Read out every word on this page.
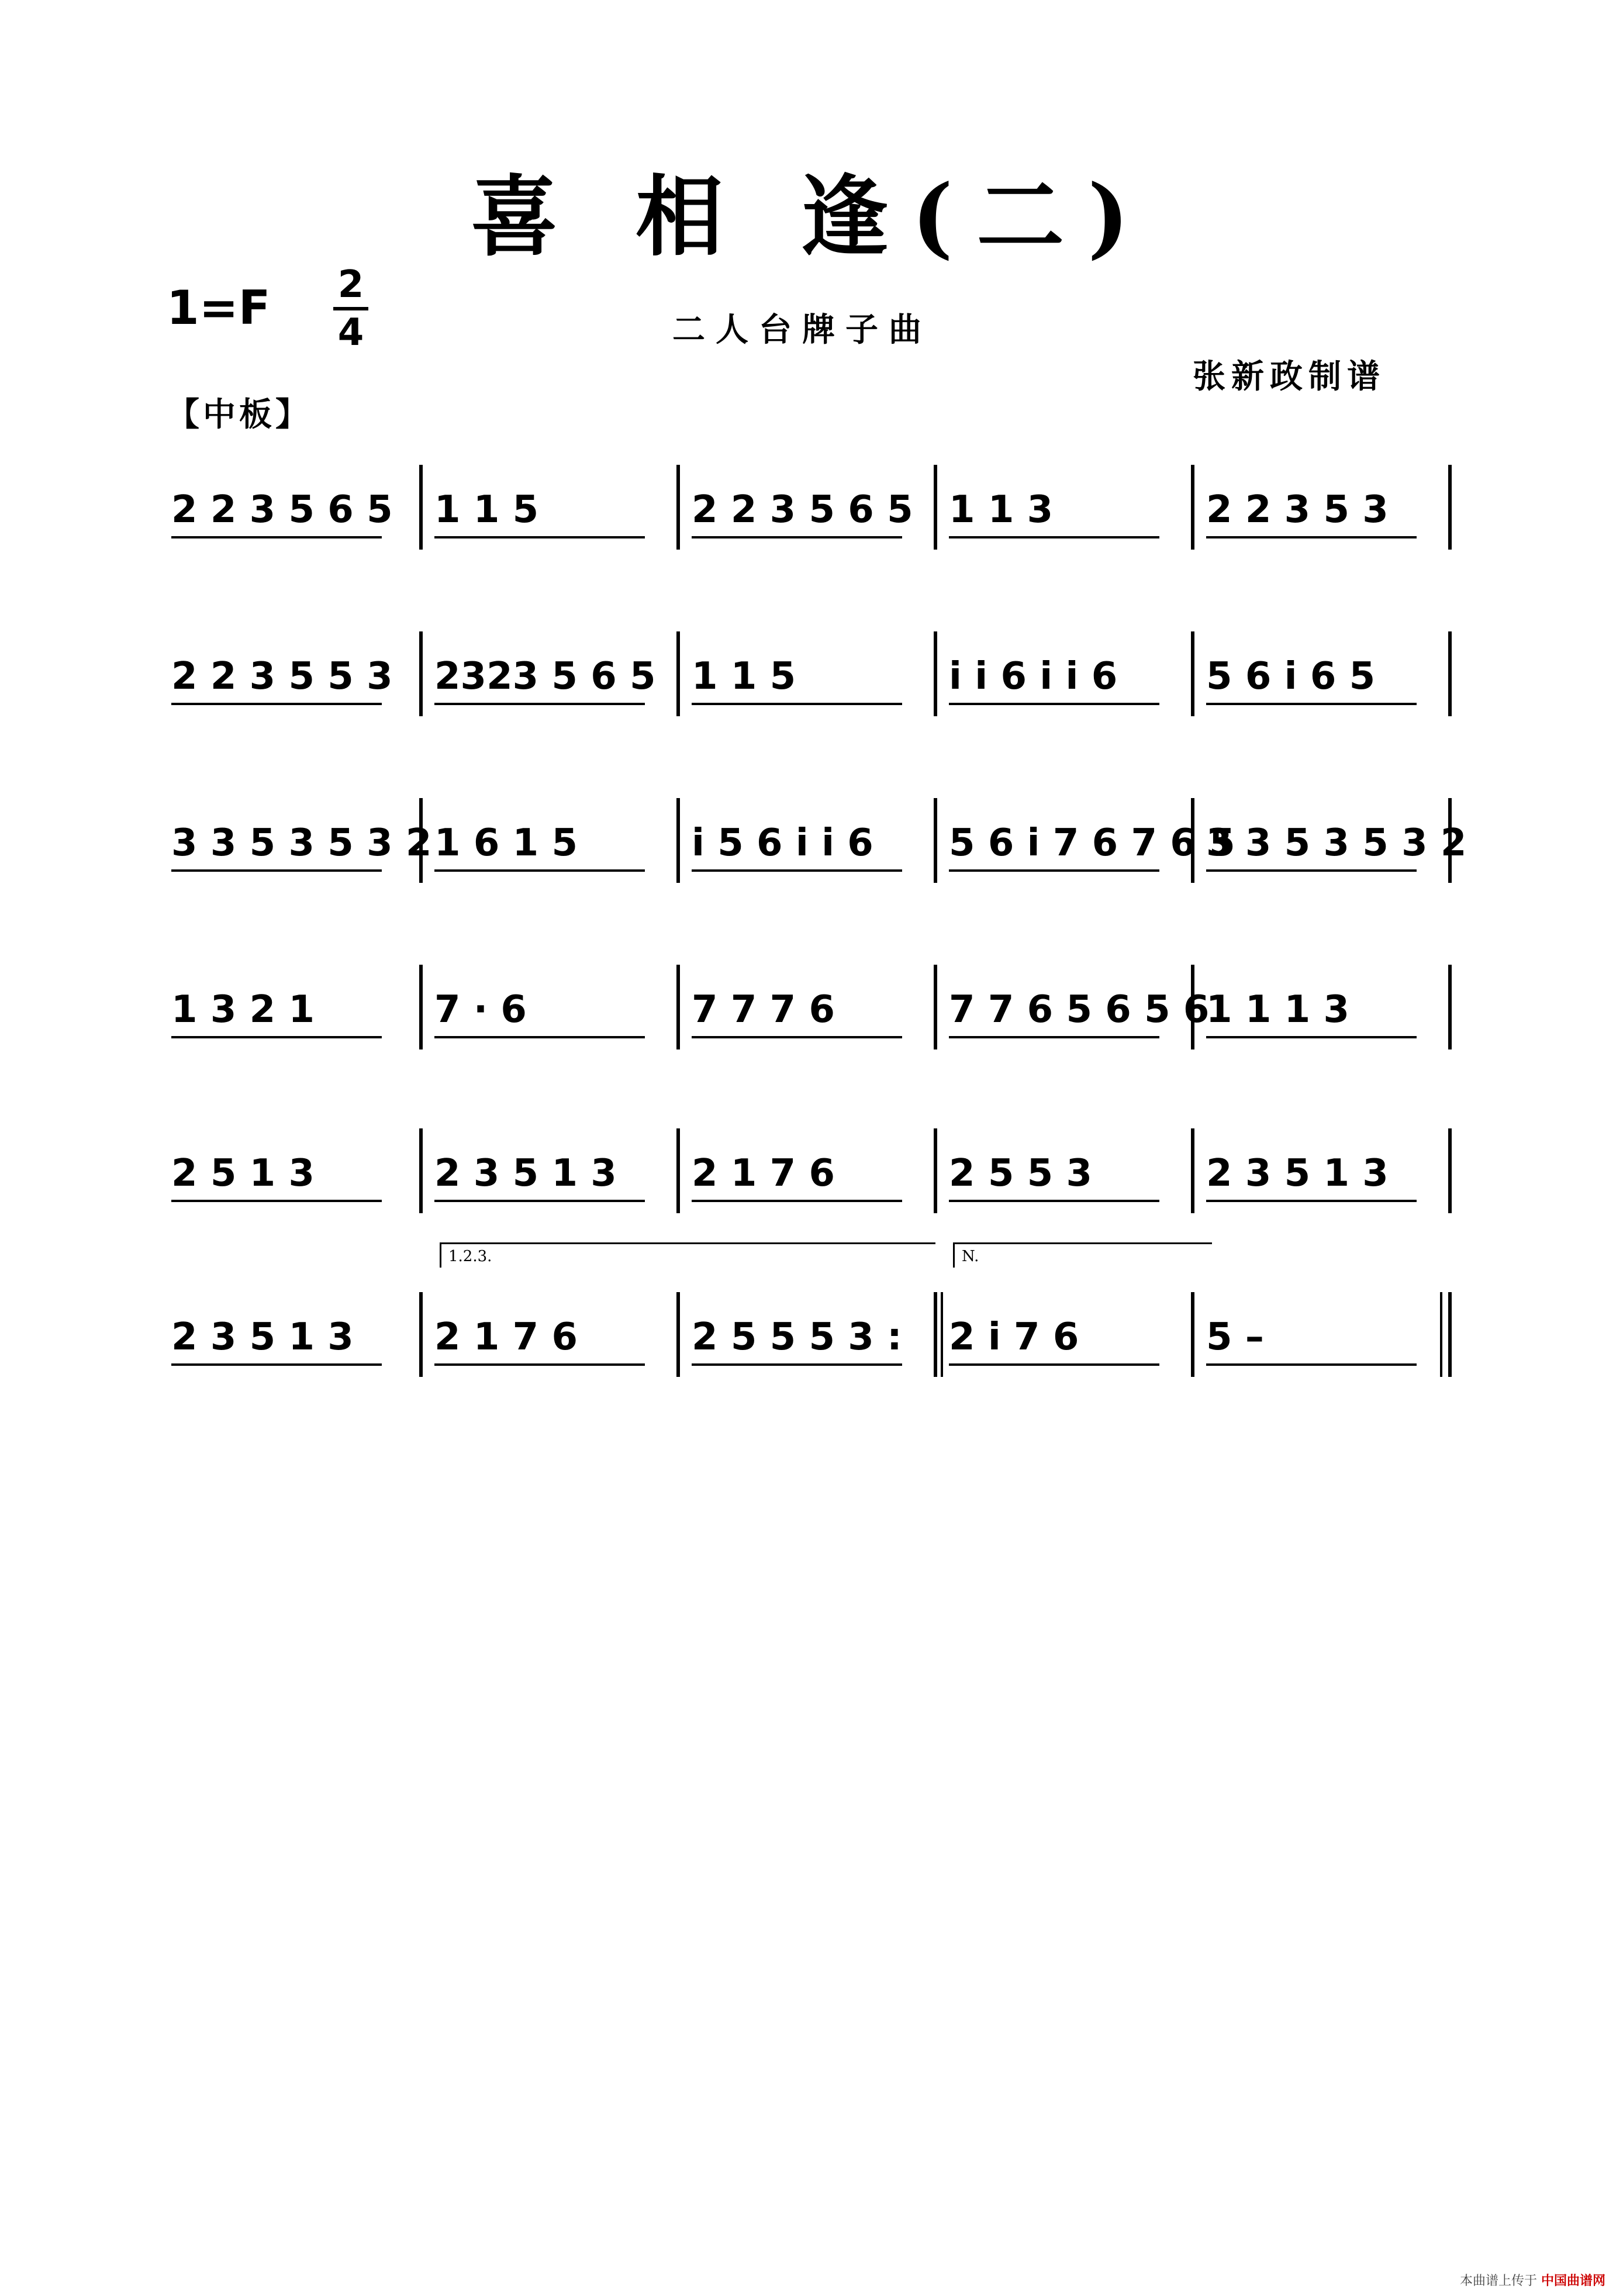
喜 相 逢(二)
1=F 2
4	二人台牌子曲
张新政制谱
【中板】
2 2 3 5 6 5 1 1 5	2 2 3 5 6 5 1 1 3	2 2 3 5 3
2 2 3 5 5 3 2323 5 6 5 1 1 5	i i 6 i i 6 5 6 i 6 5
3 3 5 3 5 3 2 1 6 1 5	i 5 6 i i 6 5 6 i 7 6 7 6 5
3 3 5 3 5 3 2
1 3 2 1	7 · 6	7 7 7 6	7 7 6 5 6 5 6
1 1 1 3
2 5 1 3	2 3 5 1 3 2 1 7 6	2 5 5 3	2 3 5 1 3
2 3 5 1 3 2 1 7 6	2 5 5 5 3 : 2 i 7 6	5 –
1.2.3.	N.
本曲谱上传于 中国曲谱网
